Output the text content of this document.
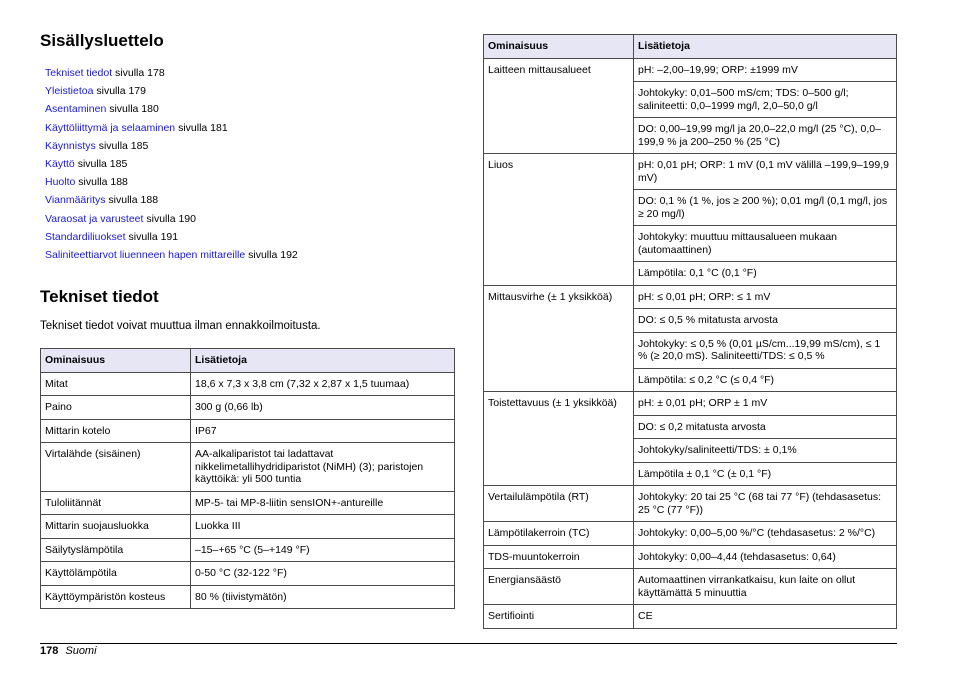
Sisällysluettelo
Tekniset tiedot sivulla 178
Yleistietoa sivulla 179
Asentaminen sivulla 180
Käyttöliittymä ja selaaminen sivulla 181
Käynnistys sivulla 185
Käyttö sivulla 185
Huolto sivulla 188
Vianmääritys sivulla 188
Varaosat ja varusteet sivulla 190
Standardiliuokset sivulla 191
Saliniteettiarvot liuenneen hapen mittareille sivulla 192
Tekniset tiedot

Tekniset tiedot voivat muuttua ilman ennakkoilmoitusta.

Ominaisuus	Lisätietoja
Mitat	18,6 x 7,3 x 3,8 cm (7,32 x 2,87 x 1,5 tuumaa)
Paino	300 g (0,66 lb)
Mittarin kotelo	IP67
Virtalähde (sisäinen)	AA-alkaliparistot tai ladattavat nikkelimetallihydridiparistot (NiMH) (3); paristojen käyttöikä: yli 500 tuntia
Tuloliitännät	MP-5- tai MP-8-liitin sensION+-antureille
Mittarin suojausluokka	Luokka III
Säilytyslämpötila	–15–+65 °C (5–+149 °F)
Käyttölämpötila	0-50 °C (32-122 °F)
Käyttöympäristön kosteus	80 % (tiivistymätön)
Ominaisuus	Lisätietoja
Laitteen mittausalueet	pH: –2,00–19,99; ORP: ±1999 mV
	Johtokyky: 0,01–500 mS/cm; TDS: 0–500 g/l; saliniteetti: 0,0–1999 mg/l, 2,0–50,0 g/l
	DO: 0,00–19,99 mg/l ja 20,0–22,0 mg/l (25 °C), 0,0–199,9 % ja 200–250 % (25 °C)
Liuos	pH: 0,01 pH; ORP: 1 mV (0,1 mV välillä –199,9–199,9 mV)
	DO: 0,1 % (1 %, jos ≥ 200 %); 0,01 mg/l (0,1 mg/l, jos ≥ 20 mg/l)
	Johtokyky: muuttuu mittausalueen mukaan (automaattinen)
	Lämpötila: 0,1 °C (0,1 °F)
Mittausvirhe (± 1 yksikköä)	pH: ≤ 0,01 pH; ORP: ≤ 1 mV
	DO: ≤ 0,5 % mitatusta arvosta
	Johtokyky: ≤ 0,5 % (0,01 µS/cm...19,99 mS/cm), ≤ 1 % (≥ 20,0 mS). Saliniteetti/TDS: ≤ 0,5 %
	Lämpötila: ≤ 0,2 °C (≤ 0,4 °F)
Toistettavuus (± 1 yksikköä)	pH: ± 0,01 pH; ORP ± 1 mV
	DO: ≤ 0,2 mitatusta arvosta
	Johtokyky/saliniteetti/TDS: ± 0,1%
	Lämpötila ± 0,1 °C (± 0,1 °F)
Vertailulämpötila (RT)	Johtokyky: 20 tai 25 °C (68 tai 77 °F) (tehdasasetus: 25 °C (77 °F))
Lämpötilakerroin (TC)	Johtokyky: 0,00–5,00 %/°C (tehdasasetus: 2 %/°C)
TDS-muuntokerroin	Johtokyky: 0,00–4,44 (tehdasasetus: 0,64)
Energiansäästö	Automaattinen virrankatkaisu, kun laite on ollut käyttämättä 5 minuuttia
Sertifiointi	CE
178 Suomi
